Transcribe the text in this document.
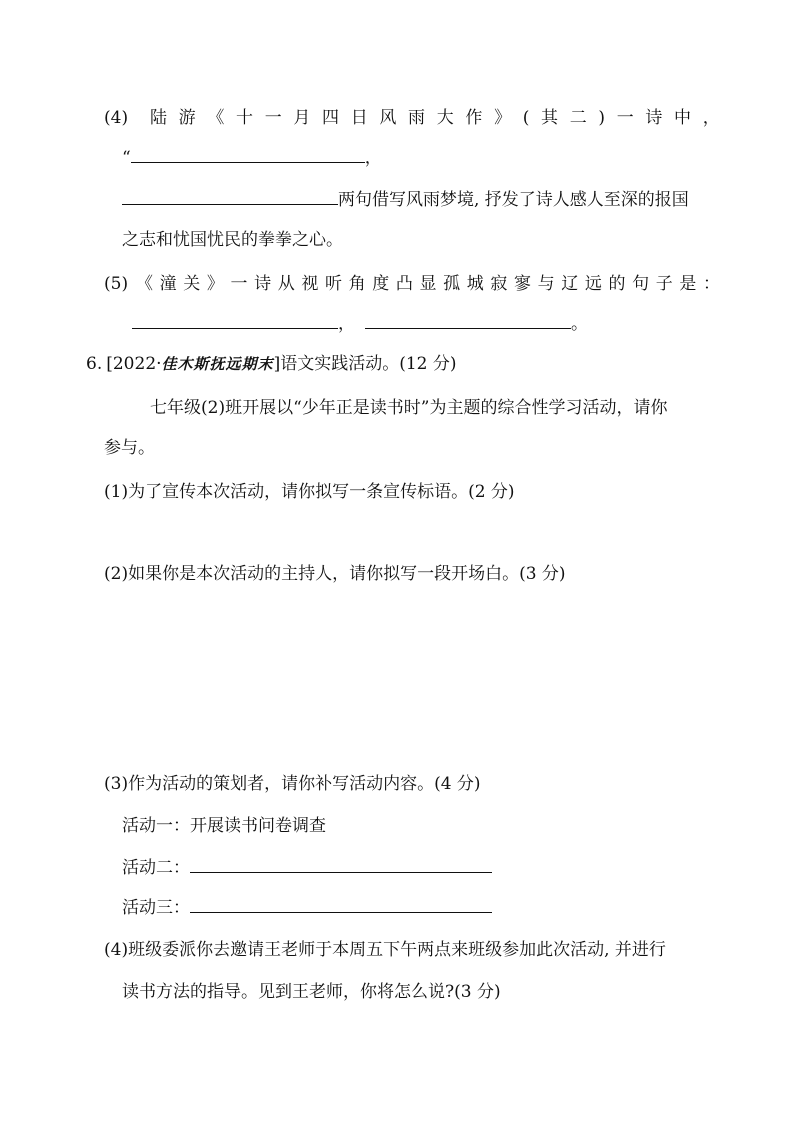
(4) 陆 游 《 十 一 月 四 日 风 雨 大 作 》 ( 其 二 ) 一 诗 中 ，
“	，
两句借写风雨梦境, 抒发了诗人感人至深的报国
之志和忧国忧民的拳拳之心。
(5) 《 潼 关 》 一 诗 从 视 听 角 度 凸 显 孤 城 寂 寥 与 辽 远 的 句 子 是 ：
，	。
6. [2022·佳木斯抚远期末]语文实践活动。(12 分)
七年级(2)班开展以“少年正是读书时”为主题的综合性学习活动，请你
参与。
(1)为了宣传本次活动，请你拟写一条宣传标语。(2 分)
(2)如果你是本次活动的主持人，请你拟写一段开场白。(3 分)
(3)作为活动的策划者，请你补写活动内容。(4 分)
活动一：开展读书问卷调查
活动二：
活动三：
(4)班级委派你去邀请王老师于本周五下午两点来班级参加此次活动, 并进行
读书方法的指导。见到王老师，你将怎么说?(3 分)
